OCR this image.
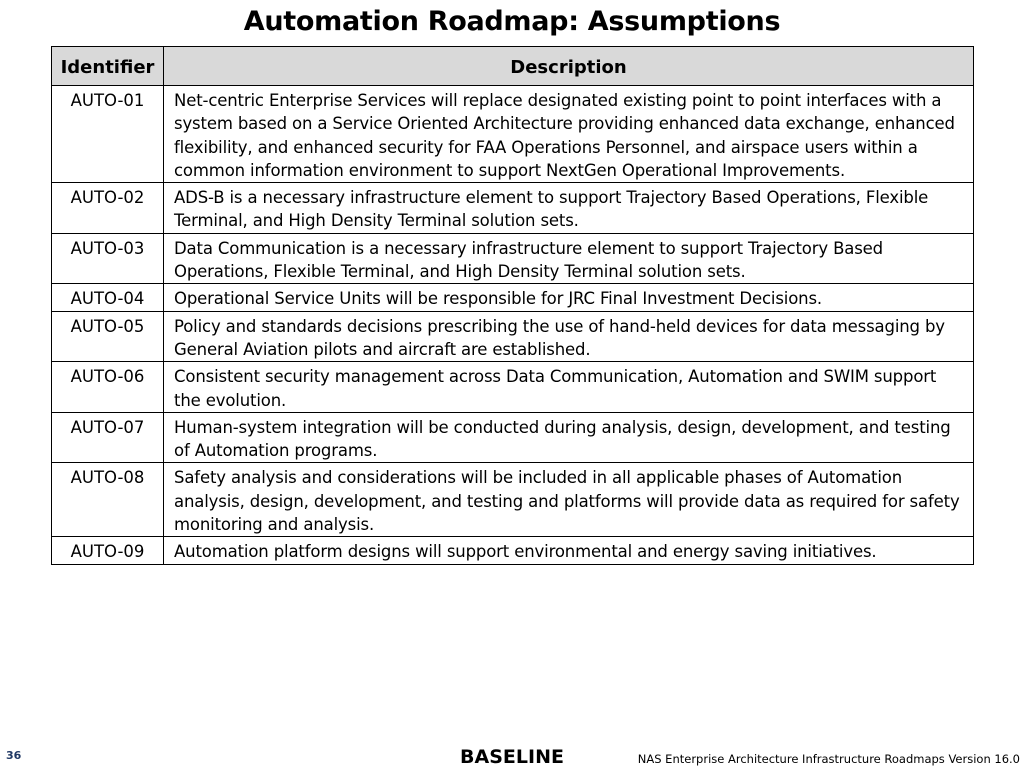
Automation Roadmap: Assumptions
Identifier	Description
AUTO-01	Net-centric Enterprise Services will replace designated existing point to point interfaces with a system based on a Service Oriented Architecture providing enhanced data exchange, enhanced flexibility, and enhanced security for FAA Operations Personnel, and airspace users within a common information environment to support NextGen Operational Improvements.
AUTO-02	ADS-B is a necessary infrastructure element to support Trajectory Based Operations, Flexible Terminal, and High Density Terminal solution sets.
AUTO-03	Data Communication is a necessary infrastructure element to support Trajectory Based Operations, Flexible Terminal, and High Density Terminal solution sets.
AUTO-04	Operational Service Units will be responsible for JRC Final Investment Decisions.
AUTO-05	Policy and standards decisions prescribing the use of hand-held devices for data messaging by General Aviation pilots and aircraft are established.
AUTO-06	Consistent security management across Data Communication, Automation and SWIM support the evolution.
AUTO-07	Human-system integration will be conducted during analysis, design, development, and testing of Automation programs.
AUTO-08	Safety analysis and considerations will be included in all applicable phases of Automation analysis, design, development, and testing and platforms will provide data as required for safety monitoring and analysis.
AUTO-09	Automation platform designs will support environmental and energy saving initiatives.
36	BASELINE	NAS Enterprise Architecture Infrastructure Roadmaps Version 16.0
